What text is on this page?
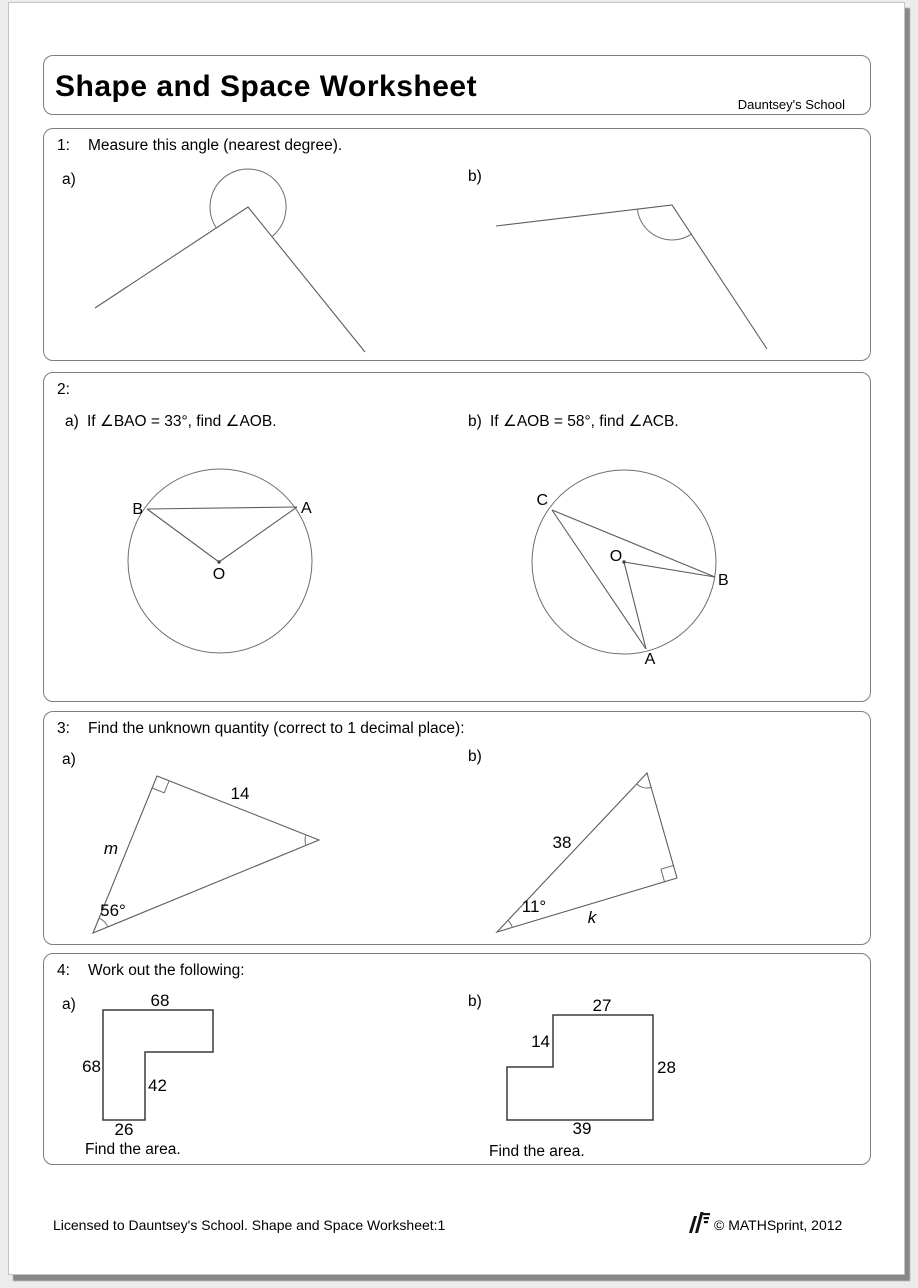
Shape and Space Worksheet
Dauntsey's School
1: Measure this angle (nearest degree).
a)	b)
2:
a) If ∠BAO = 33°, find ∠AOB.	b) If ∠AOB = 58°, find ∠ACB.
B	A
O
C
O
B
A
3: Find the unknown quantity (correct to 1 decimal place):
a)	b)
14
m
56°
38
11°
k
4: Work out the following:
a)	b)
68
68
42
26
Find the area.
27
14
28
39
Find the area.
Licensed to Dauntsey's School. Shape and Space Worksheet:1	© MATHSprint, 2012
